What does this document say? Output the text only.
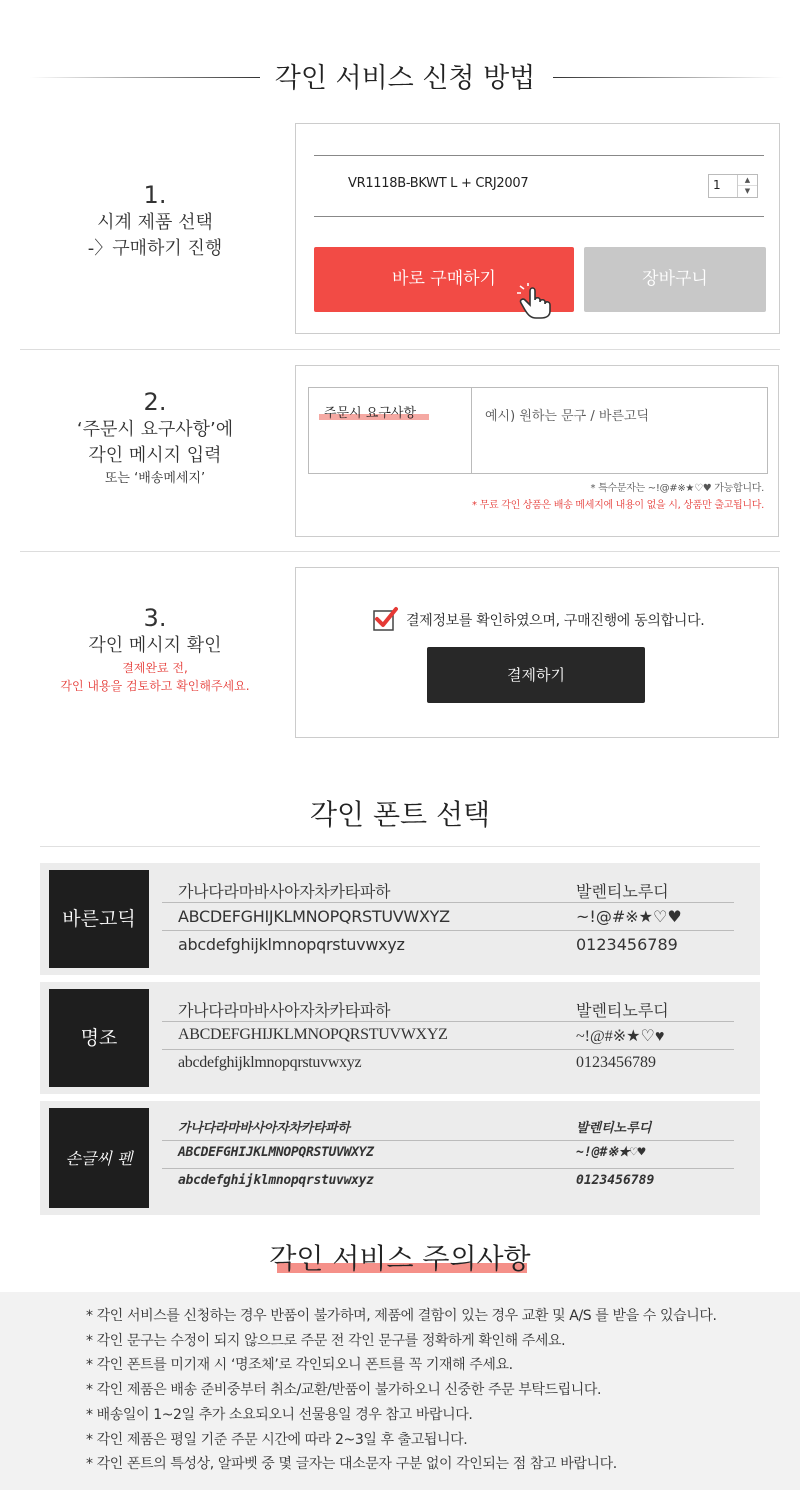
각인 서비스 신청 방법
1.
시계 제품 선택
-〉구매하기 진행
VR1118B-BKWT L + CRJ2007	1	▲
▼
바로 구매하기	장바구니
2.
‘주문시 요구사항’에
각인 메시지 입력
또는 ‘배송메세지’
주문시 요구사항	예시) 원하는 문구 / 바른고딕
* 특수문자는 ~!@#※★♡♥ 가능합니다.
* 무료 각인 상품은 배송 메세지에 내용이 없을 시, 상품만 출고됩니다.
3.
각인 메시지 확인
결제완료 전,
각인 내용을 검토하고 확인해주세요.
결제정보를 확인하였으며, 구매진행에 동의합니다.
결제하기
각인 폰트 선택
바른고딕
가나다라마바사아자차카타파하	발렌티노루디
ABCDEFGHIJKLMNOPQRSTUVWXYZ	~!@#※★♡♥
abcdefghijklmnopqrstuvwxyz	0123456789
명조
가나다라마바사아자차카타파하	발렌티노루디
ABCDEFGHIJKLMNOPQRSTUVWXYZ	~!@#※★♡♥
abcdefghijklmnopqrstuvwxyz	0123456789
손글씨 펜
가나다라마바사아자차카타파하	발렌티노루디
ABCDEFGHIJKLMNOPQRSTUVWXYZ	~!@#※★♡♥
abcdefghijklmnopqrstuvwxyz	0123456789
각인 서비스 주의사항
* 각인 서비스를 신청하는 경우 반품이 불가하며, 제품에 결함이 있는 경우 교환 및 A/S 를 받을 수 있습니다.
* 각인 문구는 수정이 되지 않으므로 주문 전 각인 문구를 정확하게 확인해 주세요.
* 각인 폰트를 미기재 시 ‘명조체’로 각인되오니 폰트를 꼭 기재해 주세요.
* 각인 제품은 배송 준비중부터 취소/교환/반품이 불가하오니 신중한 주문 부탁드립니다.
* 배송일이 1~2일 추가 소요되오니 선물용일 경우 참고 바랍니다.
* 각인 제품은 평일 기준 주문 시간에 따라 2~3일 후 출고됩니다.
* 각인 폰트의 특성상, 알파벳 중 몇 글자는 대소문자 구분 없이 각인되는 점 참고 바랍니다.
